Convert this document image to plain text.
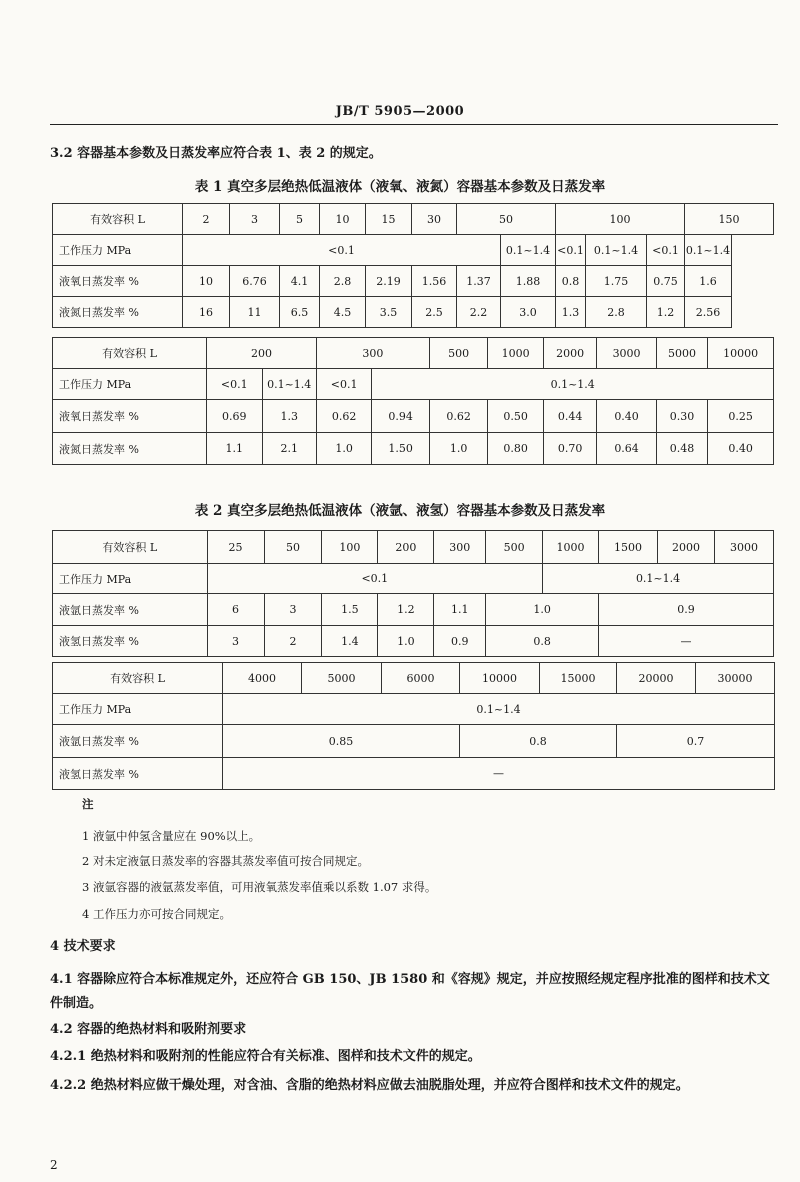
JB/T 5905—2000
3.2 容器基本参数及日蒸发率应符合表 1、表 2 的规定。
表 1 真空多层绝热低温液体（液氧、液氮）容器基本参数及日蒸发率
有效容积 L	2	3	5	10	15	30	50		100			150
工作压力 MPa	<0.1							0.1~1.4	<0.1	0.1~1.4	<0.1	0.1~1.4
液氧日蒸发率 %	10	6.76	4.1	2.8	2.19	1.56	1.37	1.88	0.8	1.75	0.75	1.6
液氮日蒸发率 %	16	11	6.5	4.5	3.5	2.5	2.2	3.0	1.3	2.8	1.2	2.56
有效容积 L	200		300		500	1000	2000	3000	5000	10000
工作压力 MPa	<0.1	0.1~1.4	<0.1	0.1~1.4						
液氧日蒸发率 %	0.69	1.3	0.62	0.94	0.62	0.50	0.44	0.40	0.30	0.25
液氮日蒸发率 %	1.1	2.1	1.0	1.50	1.0	0.80	0.70	0.64	0.48	0.40
表 2 真空多层绝热低温液体（液氩、液氢）容器基本参数及日蒸发率
有效容积 L	25	50	100	200	300	500	1000	1500	2000	3000
工作压力 MPa	<0.1						0.1~1.4			
液氩日蒸发率 %	6	3	1.5	1.2	1.1	1.0		0.9		
液氢日蒸发率 %	3	2	1.4	1.0	0.9	0.8		—		
有效容积 L	4000	5000	6000	10000	15000	20000	30000
工作压力 MPa	0.1~1.4						
液氩日蒸发率 %	0.85			0.8		0.7	
液氢日蒸发率 %	—						
注
1 液氩中仲氢含量应在 90%以上。
2 对未定液氩日蒸发率的容器其蒸发率值可按合同规定。
3 液氩容器的液氩蒸发率值，可用液氧蒸发率值乘以系数 1.07 求得。
4 工作压力亦可按合同规定。
4 技术要求
4.1 容器除应符合本标准规定外，还应符合 GB 150、JB 1580 和《容规》规定，并应按照经规定程序批准的图样和技术文件制造。
4.2 容器的绝热材料和吸附剂要求
4.2.1 绝热材料和吸附剂的性能应符合有关标准、图样和技术文件的规定。
4.2.2 绝热材料应做干燥处理，对含油、含脂的绝热材料应做去油脱脂处理，并应符合图样和技术文件的规定。
2
